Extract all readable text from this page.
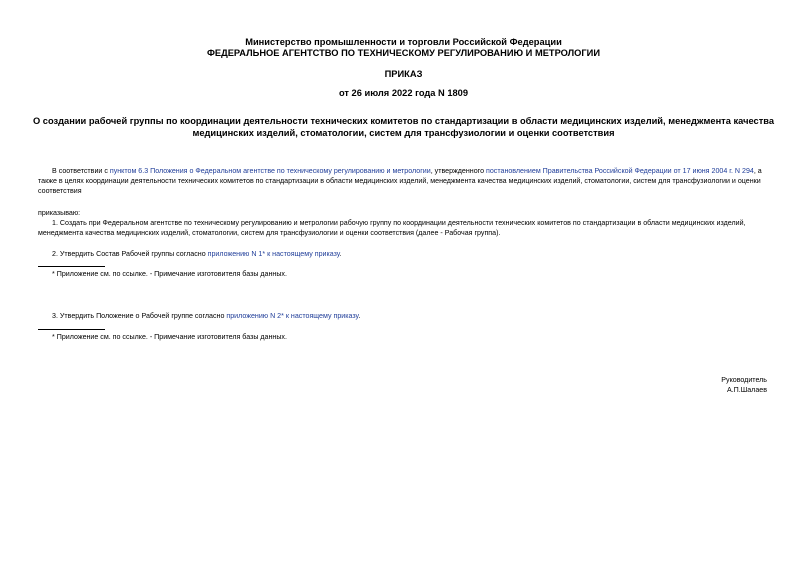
Министерство промышленности и торговли Российской Федерации
ФЕДЕРАЛЬНОЕ АГЕНТСТВО ПО ТЕХНИЧЕСКОМУ РЕГУЛИРОВАНИЮ И МЕТРОЛОГИИ
ПРИКАЗ
от 26 июля 2022 года N 1809
О создании рабочей группы по координации деятельности технических комитетов по стандартизации в области медицинских изделий, менеджмента качества медицинских изделий, стоматологии, систем для трансфузиологии и оценки соответствия
В соответствии с пунктом 6.3 Положения о Федеральном агентстве по техническому регулированию и метрологии, утвержденного постановлением Правительства Российской Федерации от 17 июня 2004 г. N 294, а также в целях координации деятельности технических комитетов по стандартизации в области медицинских изделий, менеджмента качества медицинских изделий, стоматологии, систем для трансфузиологии и оценки соответствия
приказываю:
1. Создать при Федеральном агентстве по техническому регулированию и метрологии рабочую группу по координации деятельности технических комитетов по стандартизации в области медицинских изделий, менеджмента качества медицинских изделий, стоматологии, систем для трансфузиологии и оценки соответствия (далее - Рабочая группа).
2. Утвердить Состав Рабочей группы согласно приложению N 1* к настоящему приказу.
* Приложение см. по ссылке. - Примечание изготовителя базы данных.
3. Утвердить Положение о Рабочей группе согласно приложению N 2* к настоящему приказу.
* Приложение см. по ссылке. - Примечание изготовителя базы данных.
Руководитель
А.П.Шалаев
